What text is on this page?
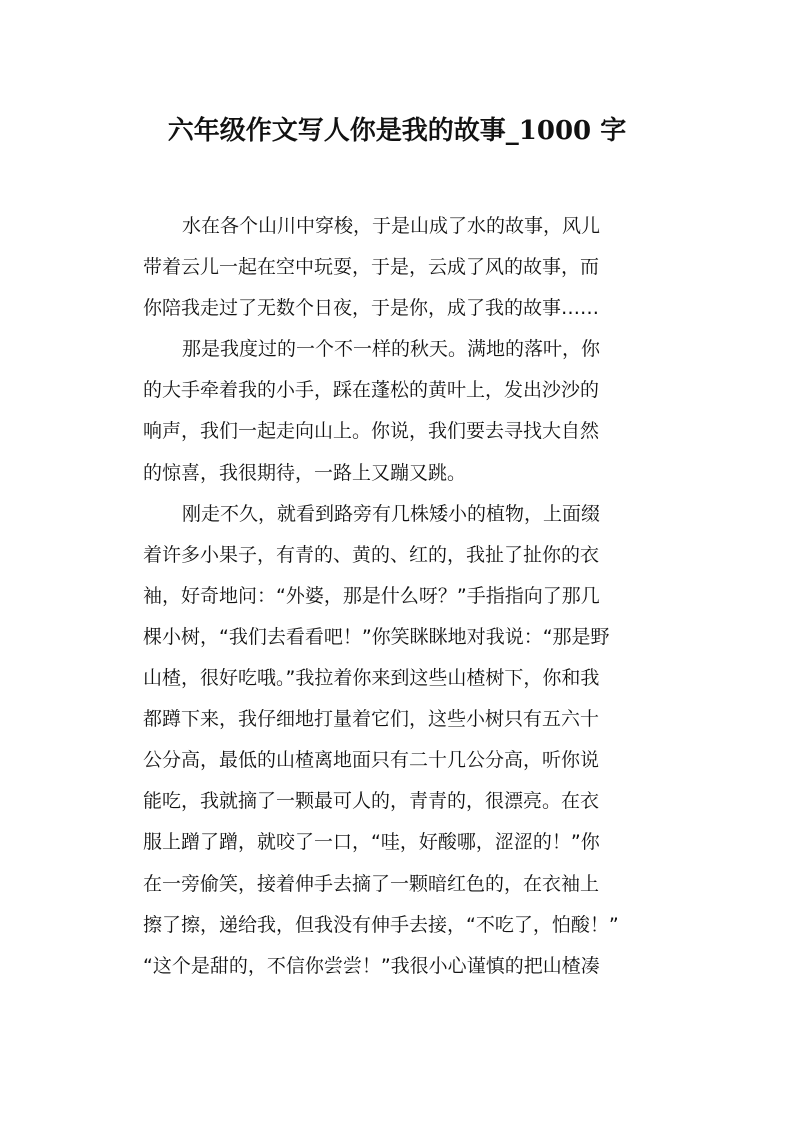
六年级作文写人你是我的故事_1000 字
水在各个山川中穿梭，于是山成了水的故事，风儿
带着云儿一起在空中玩耍，于是，云成了风的故事，而
你陪我走过了无数个日夜，于是你，成了我的故事……
那是我度过的一个不一样的秋天。满地的落叶，你
的大手牵着我的小手，踩在蓬松的黄叶上，发出沙沙的
响声，我们一起走向山上。你说，我们要去寻找大自然
的惊喜，我很期待，一路上又蹦又跳。
刚走不久，就看到路旁有几株矮小的植物，上面缀
着许多小果子，有青的、黄的、红的，我扯了扯你的衣
袖，好奇地问：“外婆，那是什么呀？”手指指向了那几
棵小树，“我们去看看吧！”你笑眯眯地对我说：“那是野
山楂，很好吃哦。”我拉着你来到这些山楂树下，你和我
都蹲下来，我仔细地打量着它们，这些小树只有五六十
公分高，最低的山楂离地面只有二十几公分高，听你说
能吃，我就摘了一颗最可人的，青青的，很漂亮。在衣
服上蹭了蹭，就咬了一口，“哇，好酸哪，涩涩的！”你
在一旁偷笑，接着伸手去摘了一颗暗红色的，在衣袖上
擦了擦，递给我，但我没有伸手去接，“不吃了，怕酸！”
“这个是甜的，不信你尝尝！”我很小心谨慎的把山楂凑
